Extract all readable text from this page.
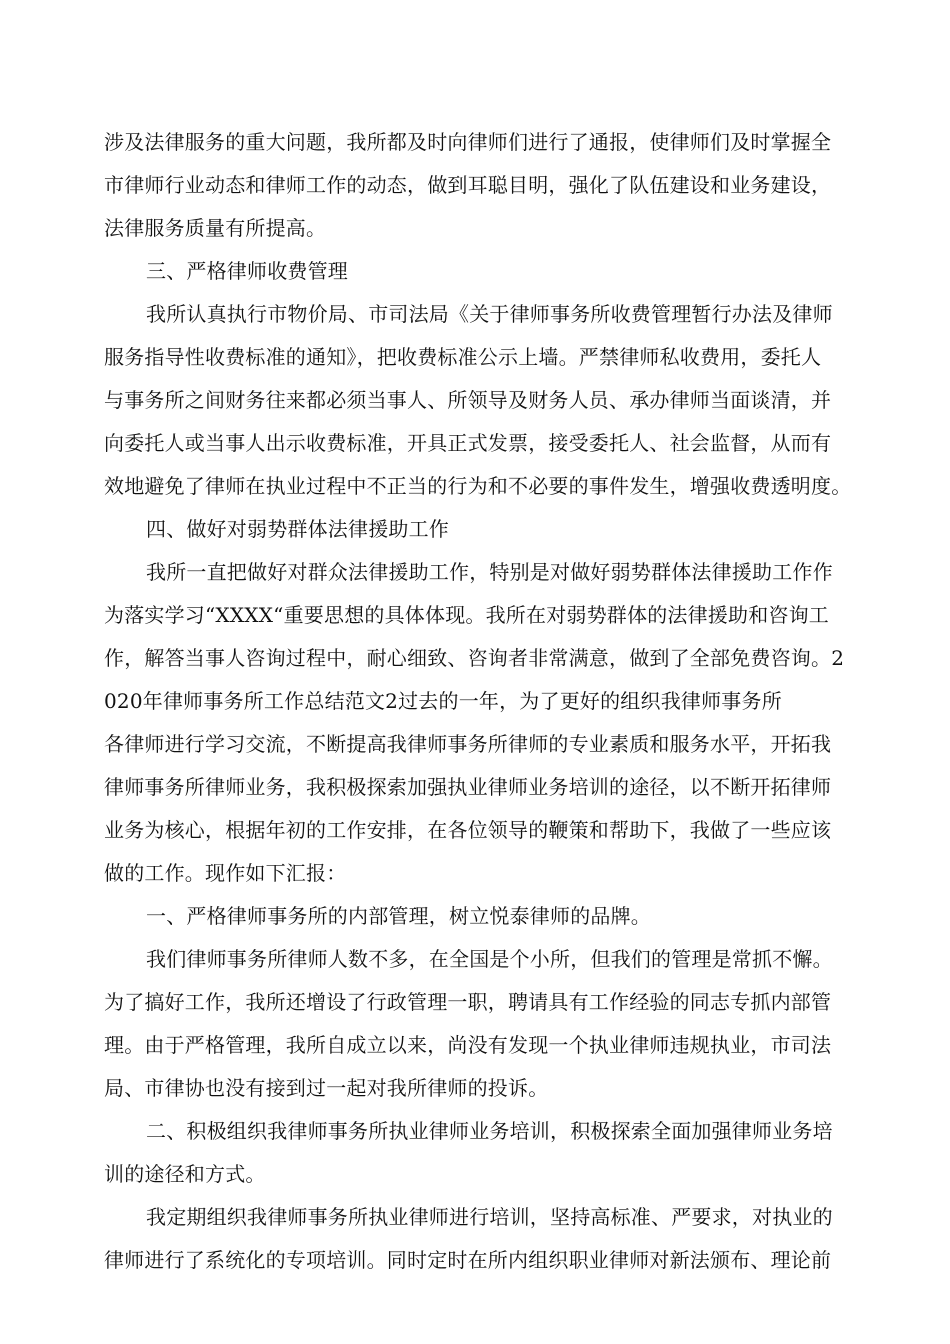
涉及法律服务的重大问题，我所都及时向律师们进行了通报，使律师们及时掌握全

市律师行业动态和律师工作的动态，做到耳聪目明，强化了队伍建设和业务建设，

法律服务质量有所提高。

三、严格律师收费管理

我所认真执行市物价局、市司法局《关于律师事务所收费管理暂行办法及律师

服务指导性收费标准的通知》，把收费标准公示上墙。严禁律师私收费用，委托人

与事务所之间财务往来都必须当事人、所领导及财务人员、承办律师当面谈清，并

向委托人或当事人出示收费标准，开具正式发票，接受委托人、社会监督，从而有

效地避免了律师在执业过程中不正当的行为和不必要的事件发生，增强收费透明度。

四、做好对弱势群体法律援助工作

我所一直把做好对群众法律援助工作，特别是对做好弱势群体法律援助工作作

为落实学习“XXXX“重要思想的具体体现。我所在对弱势群体的法律援助和咨询工

作，解答当事人咨询过程中，耐心细致、咨询者非常满意，做到了全部免费咨询。2

020年律师事务所工作总结范文2过去的一年，为了更好的组织我律师事务所

各律师进行学习交流，不断提高我律师事务所律师的专业素质和服务水平，开拓我

律师事务所律师业务，我积极探索加强执业律师业务培训的途径，以不断开拓律师

业务为核心，根据年初的工作安排，在各位领导的鞭策和帮助下，我做了一些应该

做的工作。现作如下汇报：

一、严格律师事务所的内部管理，树立悦泰律师的品牌。

我们律师事务所律师人数不多，在全国是个小所，但我们的管理是常抓不懈。

为了搞好工作，我所还增设了行政管理一职，聘请具有工作经验的同志专抓内部管

理。由于严格管理，我所自成立以来，尚没有发现一个执业律师违规执业，市司法

局、市律协也没有接到过一起对我所律师的投诉。

二、积极组织我律师事务所执业律师业务培训，积极探索全面加强律师业务培

训的途径和方式。

我定期组织我律师事务所执业律师进行培训，坚持高标准、严要求，对执业的

律师进行了系统化的专项培训。同时定时在所内组织职业律师对新法颁布、理论前
